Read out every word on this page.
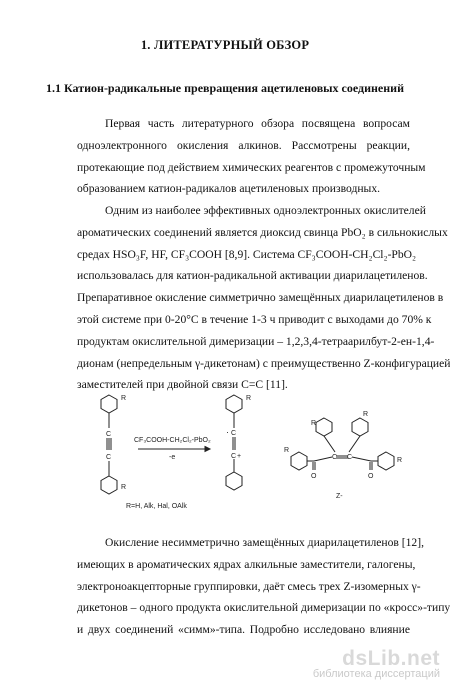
1. ЛИТЕРАТУРНЫЙ ОБЗОР
1.1 Катион-радикальные превращения ацетиленовых соединений
Первая часть литературного обзора посвящена вопросам
одноэлектронного окисления алкинов. Рассмотрены реакции,
протекающие под действием химических реагентов с промежуточным
образованием катион-радикалов ацетиленовых производных.
Одним из наиболее эффективных одноэлектронных окислителей
ароматических соединений является диоксид свинца PbO₂ в сильнокислых
средах HSO₃F, HF, CF₃COOH [8,9]. Система CF₃COOH-CH₂Cl₂-PbO₂
использовалась для катион-радикальной активации диарилацетиленов.
Препаративное окисление симметрично замещённых диарилацетиленов в
этой системе при 0-20°C в течение 1-3 ч приводит с выходами до 70% к
продуктам окислительной димеризации – 1,2,3,4-тетраарилбут-2-ен-1,4-
дионам (непредельным γ-дикетонам) с преимущественно Z-конфигурацией
заместителей при двойной связи C=C [11].
R
R
C
C
CF₃COOH-CH₂Cl₂-PbO₂
-e
R=H, Alk, Hal, OAlk
R
· C
C +
R
R
R
R
C C
O	O
Z-
Окисление несимметрично замещённых диарилацетиленов [12],
имеющих в ароматических ядрах алкильные заместители, галогены,
электроноакцепторные группировки, даёт смесь трех Z-изомерных γ-
дикетонов – одного продукта окислительной димеризации по «кросс»-типу
и двух соединений «симм»-типа. Подробно исследовано влияние
dsLib.net
библиотека диссертаций
